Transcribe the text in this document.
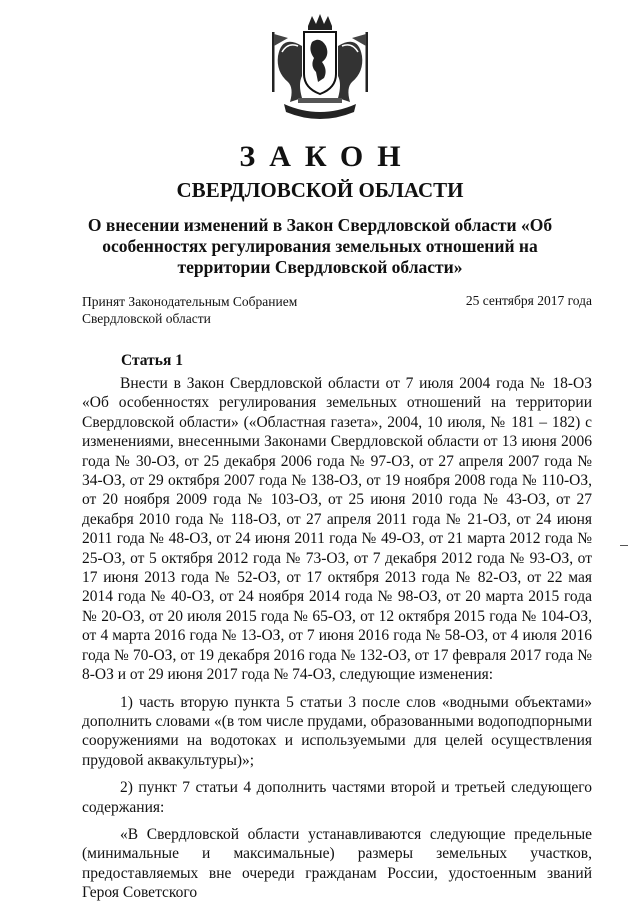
ЗАКОН
СВЕРДЛОВСКОЙ ОБЛАСТИ
О внесении изменений в Закон Свердловской области «Об особенностях регулирования земельных отношений на территории Свердловской области»
Принят Законодательным Собранием
Свердловской области
25 сентября 2017 года
Статья 1

Внести в Закон Свердловской области от 7 июля 2004 года № 18-ОЗ «Об особенностях регулирования земельных отношений на территории Свердловской области» («Областная газета», 2004, 10 июля, № 181 – 182) с изменениями, внесенными Законами Свердловской области от 13 июня 2006 года № 30-ОЗ, от 25 декабря 2006 года № 97-ОЗ, от 27 апреля 2007 года № 34-ОЗ, от 29 октября 2007 года № 138-ОЗ, от 19 ноября 2008 года № 110-ОЗ, от 20 ноября 2009 года № 103-ОЗ, от 25 июня 2010 года № 43-ОЗ, от 27 декабря 2010 года № 118-ОЗ, от 27 апреля 2011 года № 21-ОЗ, от 24 июня 2011 года № 48-ОЗ, от 24 июня 2011 года № 49-ОЗ, от 21 марта 2012 года № 25-ОЗ, от 5 октября 2012 года № 73-ОЗ, от 7 декабря 2012 года № 93-ОЗ, от 17 июня 2013 года № 52-ОЗ, от 17 октября 2013 года № 82-ОЗ, от 22 мая 2014 года № 40-ОЗ, от 24 ноября 2014 года № 98-ОЗ, от 20 марта 2015 года № 20-ОЗ, от 20 июля 2015 года № 65-ОЗ, от 12 октября 2015 года № 104-ОЗ, от 4 марта 2016 года № 13-ОЗ, от 7 июня 2016 года № 58-ОЗ, от 4 июля 2016 года № 70-ОЗ, от 19 декабря 2016 года № 132-ОЗ, от 17 февраля 2017 года № 8-ОЗ и от 29 июня 2017 года № 74-ОЗ, следующие изменения:

1) часть вторую пункта 5 статьи 3 после слов «водными объектами» дополнить словами «(в том числе прудами, образованными водоподпорными сооружениями на водотоках и используемыми для целей осуществления прудовой аквакультуры)»;

2) пункт 7 статьи 4 дополнить частями второй и третьей следующего содержания:

«В Свердловской области устанавливаются следующие предельные (минимальные и максимальные) размеры земельных участков, предоставляемых вне очереди гражданам России, удостоенным званий Героя Советского
